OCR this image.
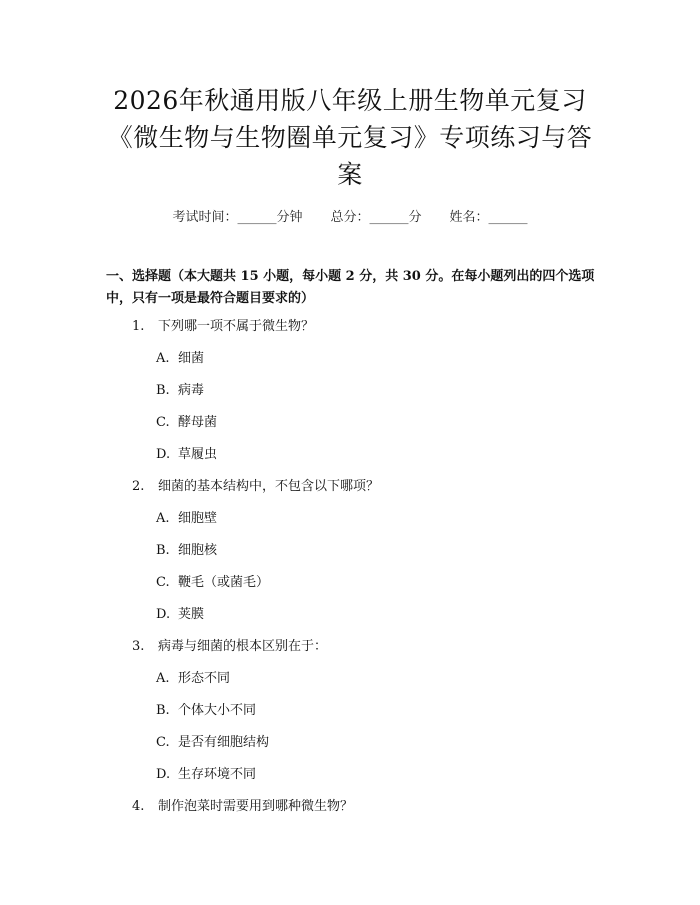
2026年秋通用版八年级上册生物单元复习
《微生物与生物圈单元复习》专项练习与答
案
考试时间：______分钟 总分：______分 姓名：______
一、选择题（本大题共 15 小题，每小题 2 分，共 30 分。在每小题列出的四个选项中，只有一项是最符合题目要求的）
1.	下列哪一项不属于微生物？
A. 细菌
B. 病毒
C. 酵母菌
D. 草履虫
2.	细菌的基本结构中，不包含以下哪项？
A. 细胞壁
B. 细胞核
C. 鞭毛（或菌毛）
D. 荚膜
3.	病毒与细菌的根本区别在于：
A. 形态不同
B. 个体大小不同
C. 是否有细胞结构
D. 生存环境不同
4.	制作泡菜时需要用到哪种微生物？
